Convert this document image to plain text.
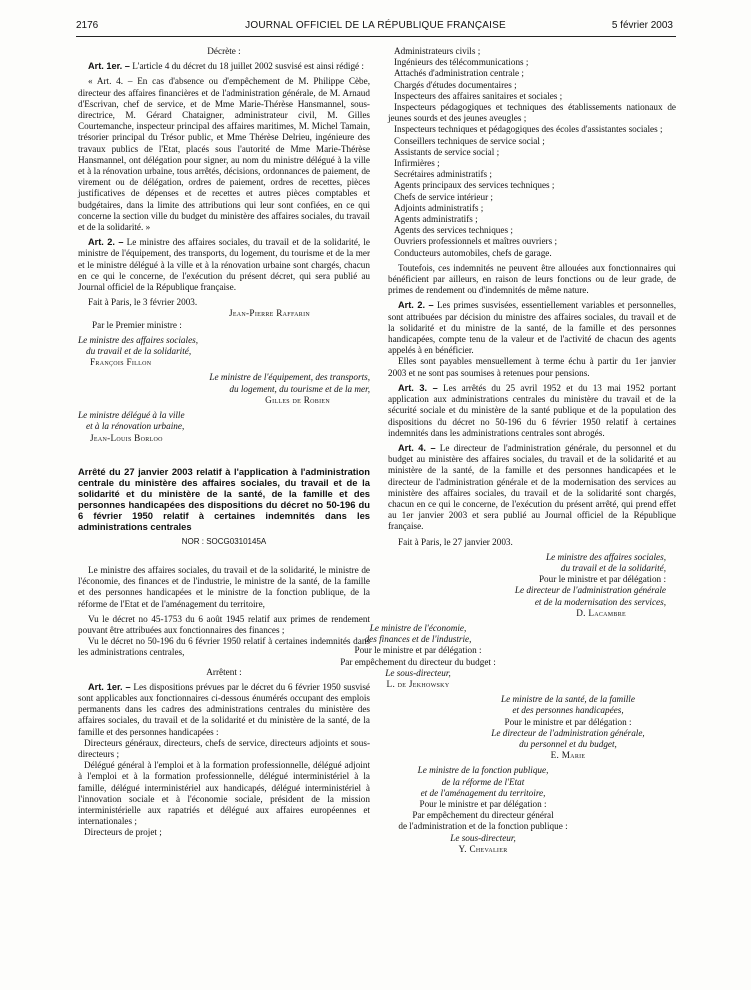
2176	JOURNAL OFFICIEL DE LA RÉPUBLIQUE FRANÇAISE	5 février 2003

Décrète :

Art. 1er. – L'article 4 du décret du 18 juillet 2002 susvisé est ainsi rédigé :

« Art. 4. – En cas d'absence ou d'empêchement de M. Philippe Cèbe, directeur des affaires financières et de l'administration générale, de M. Arnaud d'Escrivan, chef de service, et de Mme Marie-Thérèse Hansmannel, sous-directrice, M. Gérard Chataigner, administrateur civil, M. Gilles Courtemanche, inspecteur principal des affaires maritimes, M. Michel Tamain, trésorier principal du Trésor public, et Mme Thérèse Delrieu, ingénieure des travaux publics de l'Etat, placés sous l'autorité de Mme Marie-Thérèse Hansmannel, ont délégation pour signer, au nom du ministre délégué à la ville et à la rénovation urbaine, tous arrêtés, décisions, ordonnances de paiement, de virement ou de délégation, ordres de paiement, ordres de recettes, pièces justificatives de dépenses et de recettes et autres pièces comptables et budgétaires, dans la limite des attributions qui leur sont confiées, en ce qui concerne la section ville du budget du ministère des affaires sociales, du travail et de la solidarité. »

Art. 2. – Le ministre des affaires sociales, du travail et de la solidarité, le ministre de l'équipement, des transports, du logement, du tourisme et de la mer et le ministre délégué à la ville et à la rénovation urbaine sont chargés, chacun en ce qui le concerne, de l'exécution du présent décret, qui sera publié au Journal officiel de la République française.

Fait à Paris, le 3 février 2003.

Jean-Pierre Raffarin

Par le Premier ministre :

Le ministre des affaires sociales,

du travail et de la solidarité,

François Fillon

Le ministre de l'équipement, des transports,

du logement, du tourisme et de la mer,

Gilles de Robien

Le ministre délégué à la ville

et à la rénovation urbaine,

Jean-Louis Borloo

Arrêté du 27 janvier 2003 relatif à l'application à l'administration centrale du ministère des affaires sociales, du travail et de la solidarité et du ministère de la santé, de la famille et des personnes handicapées des dispositions du décret no 50-196 du 6 février 1950 relatif à certaines indemnités dans les administrations centrales

NOR : SOCG0310145A

Le ministre des affaires sociales, du travail et de la solidarité, le ministre de l'économie, des finances et de l'industrie, le ministre de la santé, de la famille et des personnes handicapées et le ministre de la fonction publique, de la réforme de l'Etat et de l'aménagement du territoire,

Vu le décret no 45-1753 du 6 août 1945 relatif aux primes de rendement pouvant être attribuées aux fonctionnaires des finances ;

Vu le décret no 50-196 du 6 février 1950 relatif à certaines indemnités dans les administrations centrales,

Arrêtent :

Art. 1er. – Les dispositions prévues par le décret du 6 février 1950 susvisé sont applicables aux fonctionnaires ci-dessous énumérés occupant des emplois permanents dans les cadres des administrations centrales du ministère des affaires sociales, du travail et de la solidarité et du ministère de la santé, de la famille et des personnes handicapées :

Directeurs généraux, directeurs, chefs de service, directeurs adjoints et sous-directeurs ;
Délégué général à l'emploi et à la formation professionnelle, délégué adjoint à l'emploi et à la formation professionnelle, délégué interministériel à la famille, délégué interministériel aux handicapés, délégué interministériel à l'innovation sociale et à l'économie sociale, président de la mission interministérielle aux rapatriés et délégué aux affaires européennes et internationales ;
Directeurs de projet ;
Administrateurs civils ;
Ingénieurs des télécommunications ;
Attachés d'administration centrale ;
Chargés d'études documentaires ;
Inspecteurs des affaires sanitaires et sociales ;
Inspecteurs pédagogiques et techniques des établissements nationaux de jeunes sourds et des jeunes aveugles ;
Inspecteurs techniques et pédagogiques des écoles d'assistantes sociales ;
Conseillers techniques de service social ;
Assistants de service social ;
Infirmières ;
Secrétaires administratifs ;
Agents principaux des services techniques ;
Chefs de service intérieur ;
Adjoints administratifs ;
Agents administratifs ;
Agents des services techniques ;
Ouvriers professionnels et maîtres ouvriers ;
Conducteurs automobiles, chefs de garage.

Toutefois, ces indemnités ne peuvent être allouées aux fonctionnaires qui bénéficient par ailleurs, en raison de leurs fonctions ou de leur grade, de primes de rendement ou d'indemnités de même nature.

Art. 2. – Les primes susvisées, essentiellement variables et personnelles, sont attribuées par décision du ministre des affaires sociales, du travail et de la solidarité et du ministre de la santé, de la famille et des personnes handicapées, compte tenu de la valeur et de l'activité de chacun des agents appelés à en bénéficier.

Elles sont payables mensuellement à terme échu à partir du 1er janvier 2003 et ne sont pas soumises à retenues pour pensions.

Art. 3. – Les arrêtés du 25 avril 1952 et du 13 mai 1952 portant application aux administrations centrales du ministère du travail et de la sécurité sociale et du ministère de la santé publique et de la population des dispositions du décret no 50-196 du 6 février 1950 relatif à certaines indemnités dans les administrations centrales sont abrogés.

Art. 4. – Le directeur de l'administration générale, du personnel et du budget au ministère des affaires sociales, du travail et de la solidarité et au ministère de la santé, de la famille et des personnes handicapées et le directeur de l'administration générale et de la modernisation des services au ministère des affaires sociales, du travail et de la solidarité sont chargés, chacun en ce qui le concerne, de l'exécution du présent arrêté, qui prend effet au 1er janvier 2003 et sera publié au Journal officiel de la République française.

Fait à Paris, le 27 janvier 2003.

Le ministre des affaires sociales,

du travail et de la solidarité,

Pour le ministre et par délégation :

Le directeur de l'administration générale

et de la modernisation des services,

D. Lacambre

Le ministre de l'économie,

des finances et de l'industrie,

Pour le ministre et par délégation :

Par empêchement du directeur du budget :

Le sous-directeur,

L. de Jekhowsky

Le ministre de la santé, de la famille

et des personnes handicapées,

Pour le ministre et par délégation :

Le directeur de l'administration générale,

du personnel et du budget,

E. Marie

Le ministre de la fonction publique,

de la réforme de l'Etat

et de l'aménagement du territoire,

Pour le ministre et par délégation :

Par empêchement du directeur général

de l'administration et de la fonction publique :

Le sous-directeur,

Y. Chevalier
